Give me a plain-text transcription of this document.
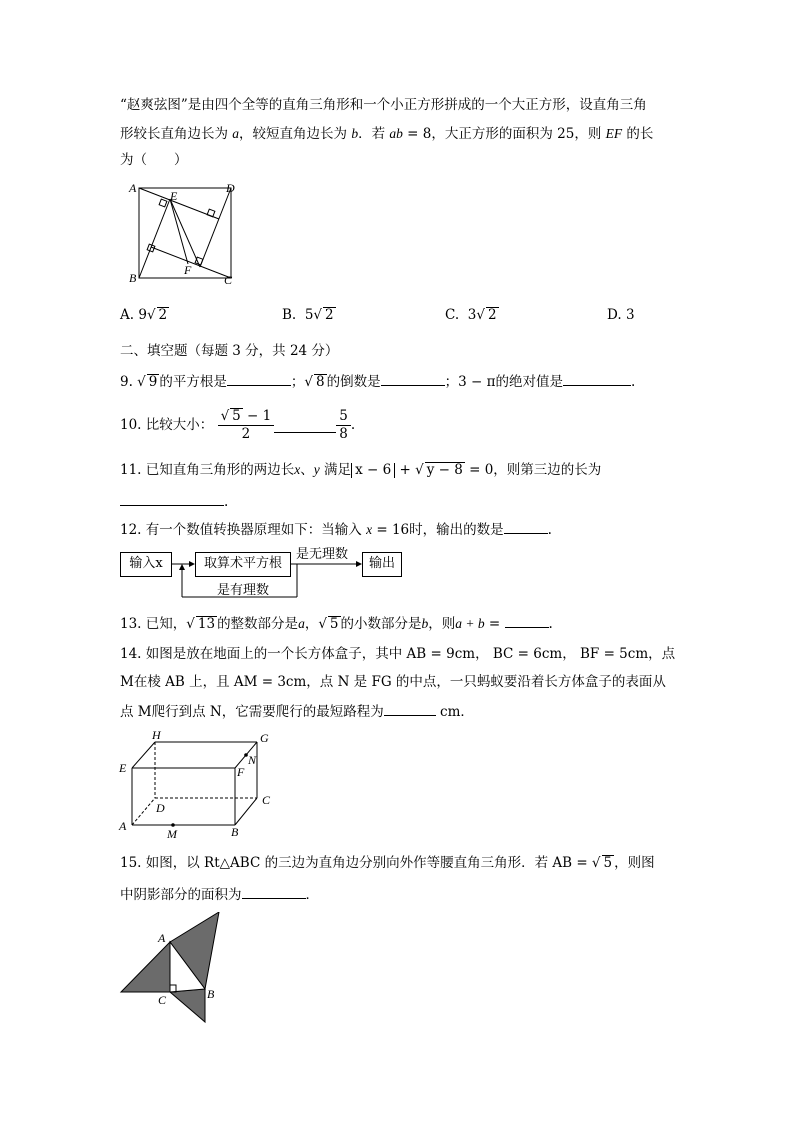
“赵爽弦图”是由四个全等的直角三角形和一个小正方形拼成的一个大正方形，设直角三角
形较长直角边长为 a，较短直角边长为 b．若 ab = 8，大正方形的面积为 25，则 EF 的长
为（　　）
A	D
E
B
F
C
A. 9√ 2	B. 5√ 2	C. 3√ 2	D. 3
二、填空题（每题 3 分，共 24 分）
9. √ 9 的平方根是	；√ 8 的倒数是	；3 − π的绝对值是	.
10. 比较大小： $\frac{√ 5 - 1}{2}$	$\frac{5}{8}$ .
11. 已知直角三角形的两边长x、y 满足 x − 6 + √ y − 8 = 0，则第三边的长为
.
12. 有一个数值转换器原理如下：当输入 x = 16时，输出的数是	.
输入x	取算术平方根	输出
是无理数
是有理数
13. 已知，√ 13 的整数部分是a，√ 5 的小数部分是b，则a + b =	.
14. 如图是放在地面上的一个长方体盒子，其中 AB = 9cm， BC = 6cm， BF = 5cm，点
M在棱 AB 上，且 AM = 3cm，点 N 是 FG 的中点，一只蚂蚁要沿着长方体盒子的表面从
点 M爬行到点 N，它需要爬行的最短路程为	cm．
H	G
E
N
F
C
D
A
M	B
15. 如图，以 Rt△ABC 的三边为直角边分别向外作等腰直角三角形．若 AB = √ 5 ，则图
中阴影部分的面积为	．
A
C	B
